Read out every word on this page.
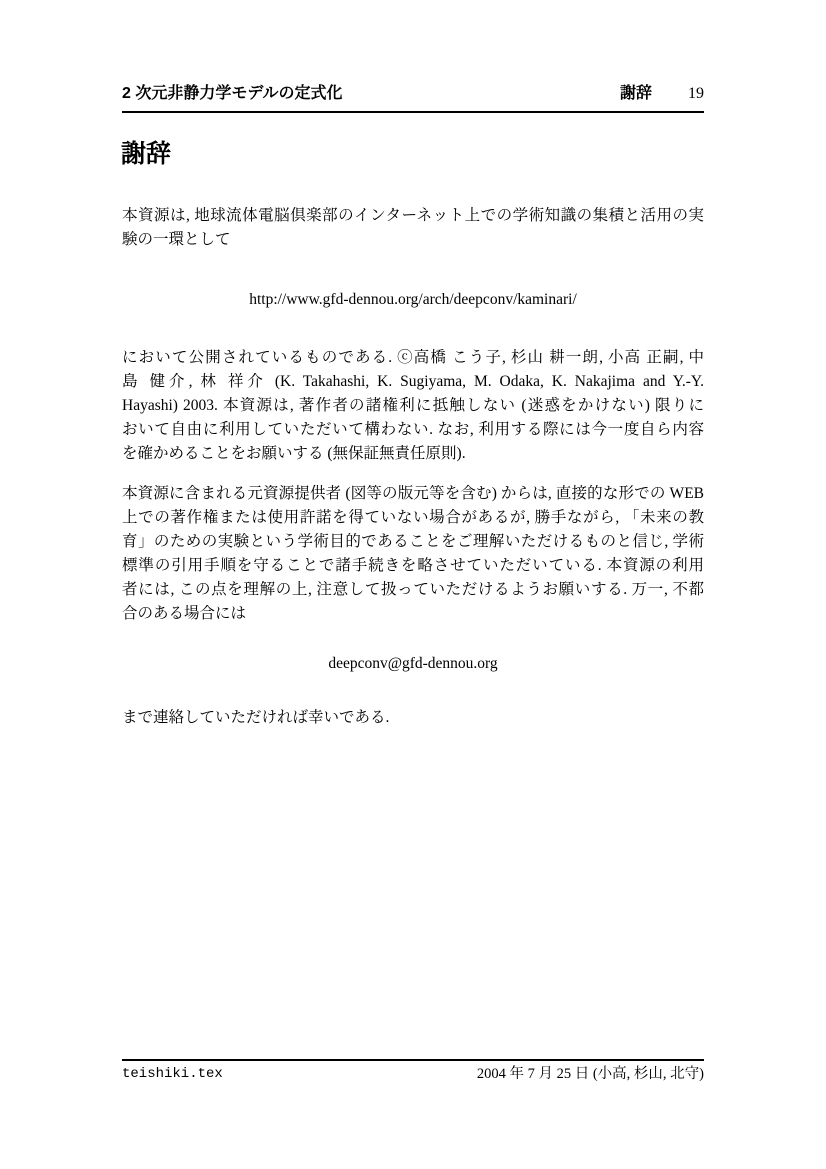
2 次元非静力学モデルの定式化	謝辞 19
謝辞
本資源は, 地球流体電脳倶楽部のインターネット上での学術知識の集積と活用の実
験の一環として
http://www.gfd-dennou.org/arch/deepconv/kaminari/
において公開されているものである. ⓒ高橋 こう子, 杉山 耕一朗, 小高 正嗣, 中
島 健介, 林 祥介 (K. Takahashi, K. Sugiyama, M. Odaka, K. Nakajima and Y.-Y.
Hayashi) 2003. 本資源は, 著作者の諸権利に抵触しない (迷惑をかけない) 限りに
おいて自由に利用していただいて構わない. なお, 利用する際には今一度自ら内容
を確かめることをお願いする (無保証無責任原則).
本資源に含まれる元資源提供者 (図等の版元等を含む) からは, 直接的な形での WEB
上での著作権または使用許諾を得ていない場合があるが, 勝手ながら, 「未来の教
育」のための実験という学術目的であることをご理解いただけるものと信じ, 学術
標準の引用手順を守ることで諸手続きを略させていただいている. 本資源の利用
者には, この点を理解の上, 注意して扱っていただけるようお願いする. 万一, 不都
合のある場合には
deepconv@gfd-dennou.org
まで連絡していただければ幸いである.
teishiki.tex	2004 年 7 月 25 日 (小高, 杉山, 北守)
